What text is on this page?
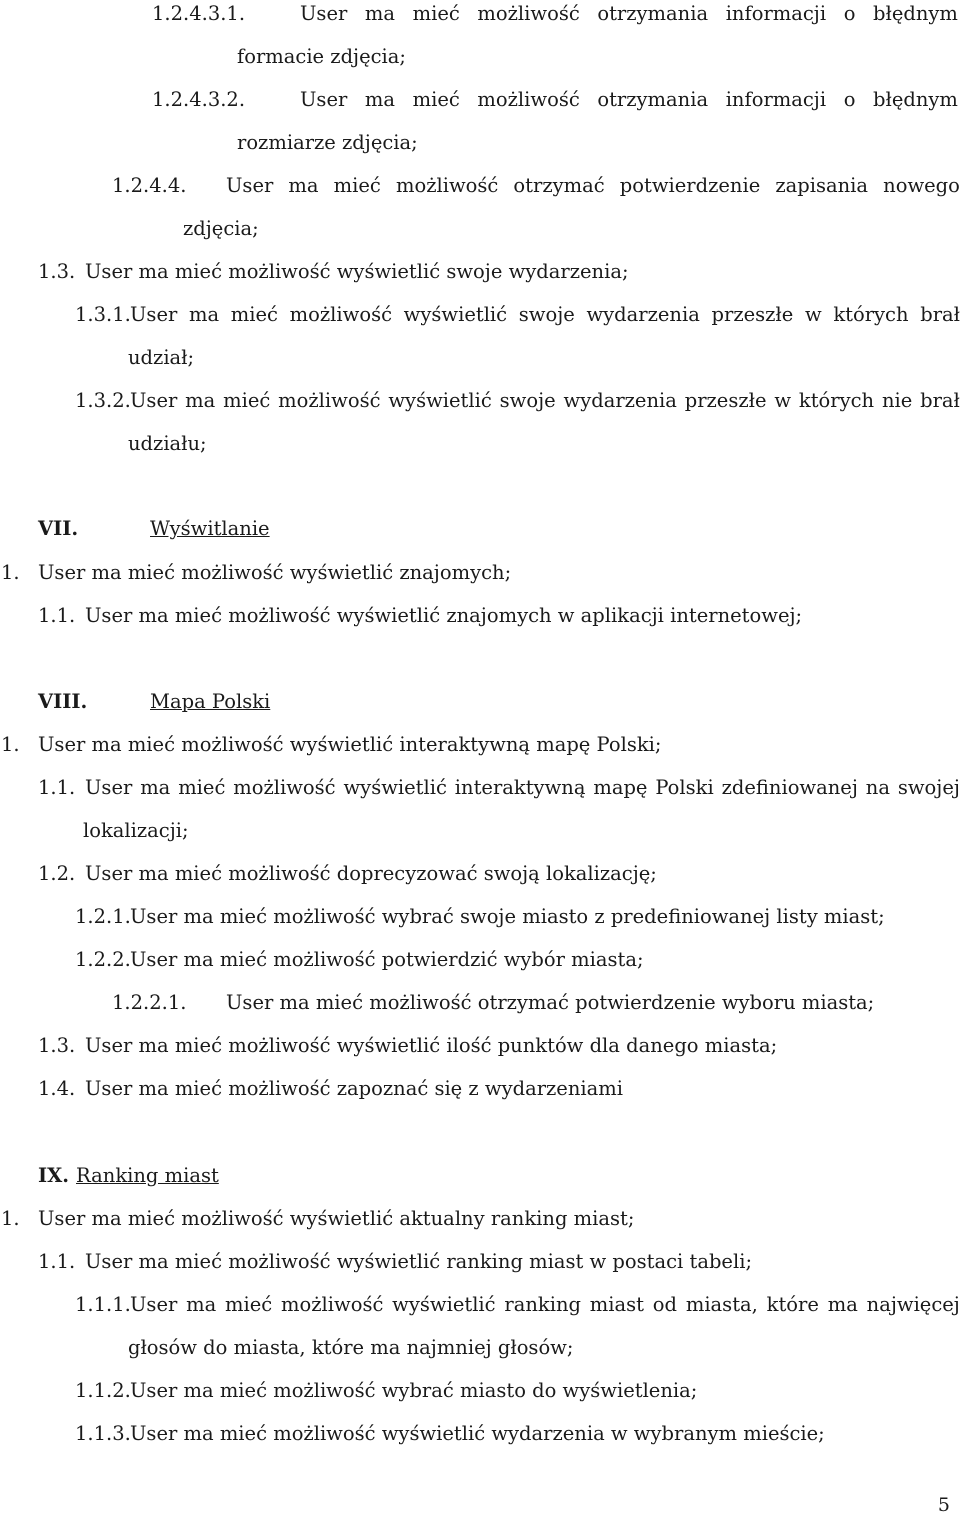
1.2.4.3.1.	User ma mieć możliwość otrzymania informacji o błędnym
formacie zdjęcia;
1.2.4.3.2.	User ma mieć możliwość otrzymania informacji o błędnym
rozmiarze zdjęcia;
1.2.4.4. User ma mieć możliwość otrzymać potwierdzenie zapisania nowego
zdjęcia;
1.3. User ma mieć możliwość wyświetlić swoje wydarzenia;
1.3.1. User ma mieć możliwość wyświetlić swoje wydarzenia przeszłe w których brał
udział;
1.3.2. User ma mieć możliwość wyświetlić swoje wydarzenia przeszłe w których nie brał
udziału;
VII.	Wyświtlanie
1. User ma mieć możliwość wyświetlić znajomych;
1.1. User ma mieć możliwość wyświetlić znajomych w aplikacji internetowej;
VIII.	Mapa Polski
1. User ma mieć możliwość wyświetlić interaktywną mapę Polski;
1.1. User ma mieć możliwość wyświetlić interaktywną mapę Polski zdefiniowanej na swojej
lokalizacji;
1.2. User ma mieć możliwość doprecyzować swoją lokalizację;
1.2.1. User ma mieć możliwość wybrać swoje miasto z predefiniowanej listy miast;
1.2.2. User ma mieć możliwość potwierdzić wybór miasta;
1.2.2.1. User ma mieć możliwość otrzymać potwierdzenie wyboru miasta;
1.3. User ma mieć możliwość wyświetlić ilość punktów dla danego miasta;
1.4. User ma mieć możliwość zapoznać się z wydarzeniami
IX. Ranking miast
1. User ma mieć możliwość wyświetlić aktualny ranking miast;
1.1. User ma mieć możliwość wyświetlić ranking miast w postaci tabeli;
1.1.1. User ma mieć możliwość wyświetlić ranking miast od miasta, które ma najwięcej
głosów do miasta, które ma najmniej głosów;
1.1.2. User ma mieć możliwość wybrać miasto do wyświetlenia;
1.1.3. User ma mieć możliwość wyświetlić wydarzenia w wybranym mieście;
5
